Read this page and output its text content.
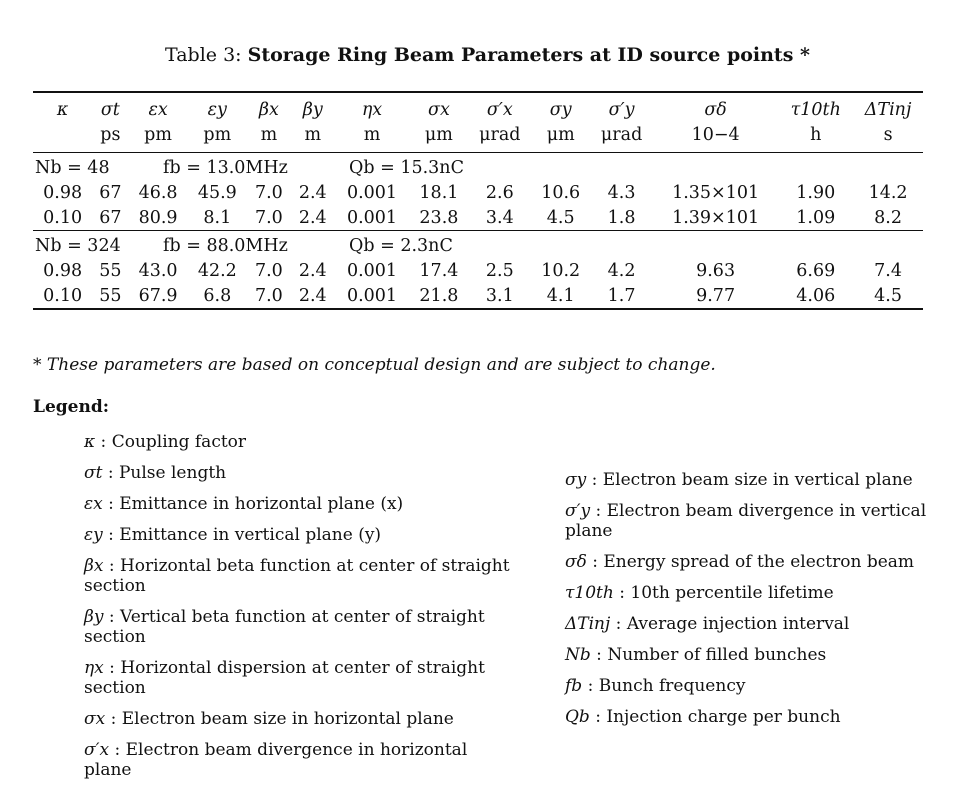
Table 3: Storage Ring Beam Parameters at ID source points *
κ	σt	εx	εy	βx	βy	ηx	σx	σ′x	σy	σ′y	σδ	τ10th	ΔTinj
	ps	pm	pm	m	m	m	μm	μrad	μm	μrad	10−4	h	s
Nb = 48 fb = 13.0MHz Qb = 15.3nC													
0.98	67	46.8	45.9	7.0	2.4	0.001	18.1	2.6	10.6	4.3	1.35×101	1.90	14.2
0.10	67	80.9	8.1	7.0	2.4	0.001	23.8	3.4	4.5	1.8	1.39×101	1.09	8.2
Nb = 324 fb = 88.0MHz Qb = 2.3nC													
0.98	55	43.0	42.2	7.0	2.4	0.001	17.4	2.5	10.2	4.2	9.63	6.69	7.4
0.10	55	67.9	6.8	7.0	2.4	0.001	21.8	3.1	4.1	1.7	9.77	4.06	4.5
* These parameters are based on conceptual design and are subject to change.
Legend:
κ : Coupling factor
σt : Pulse length
εx : Emittance in horizontal plane (x)
εy : Emittance in vertical plane (y)
βx : Horizontal beta function at center of straight section
βy : Vertical beta function at center of straight section
ηx : Horizontal dispersion at center of straight section
σx : Electron beam size in horizontal plane
σ′x : Electron beam divergence in horizontal plane
σy : Electron beam size in vertical plane
σ′y : Electron beam divergence in vertical plane
σδ : Energy spread of the electron beam
τ10th : 10th percentile lifetime
ΔTinj : Average injection interval
Nb : Number of filled bunches
fb : Bunch frequency
Qb : Injection charge per bunch
